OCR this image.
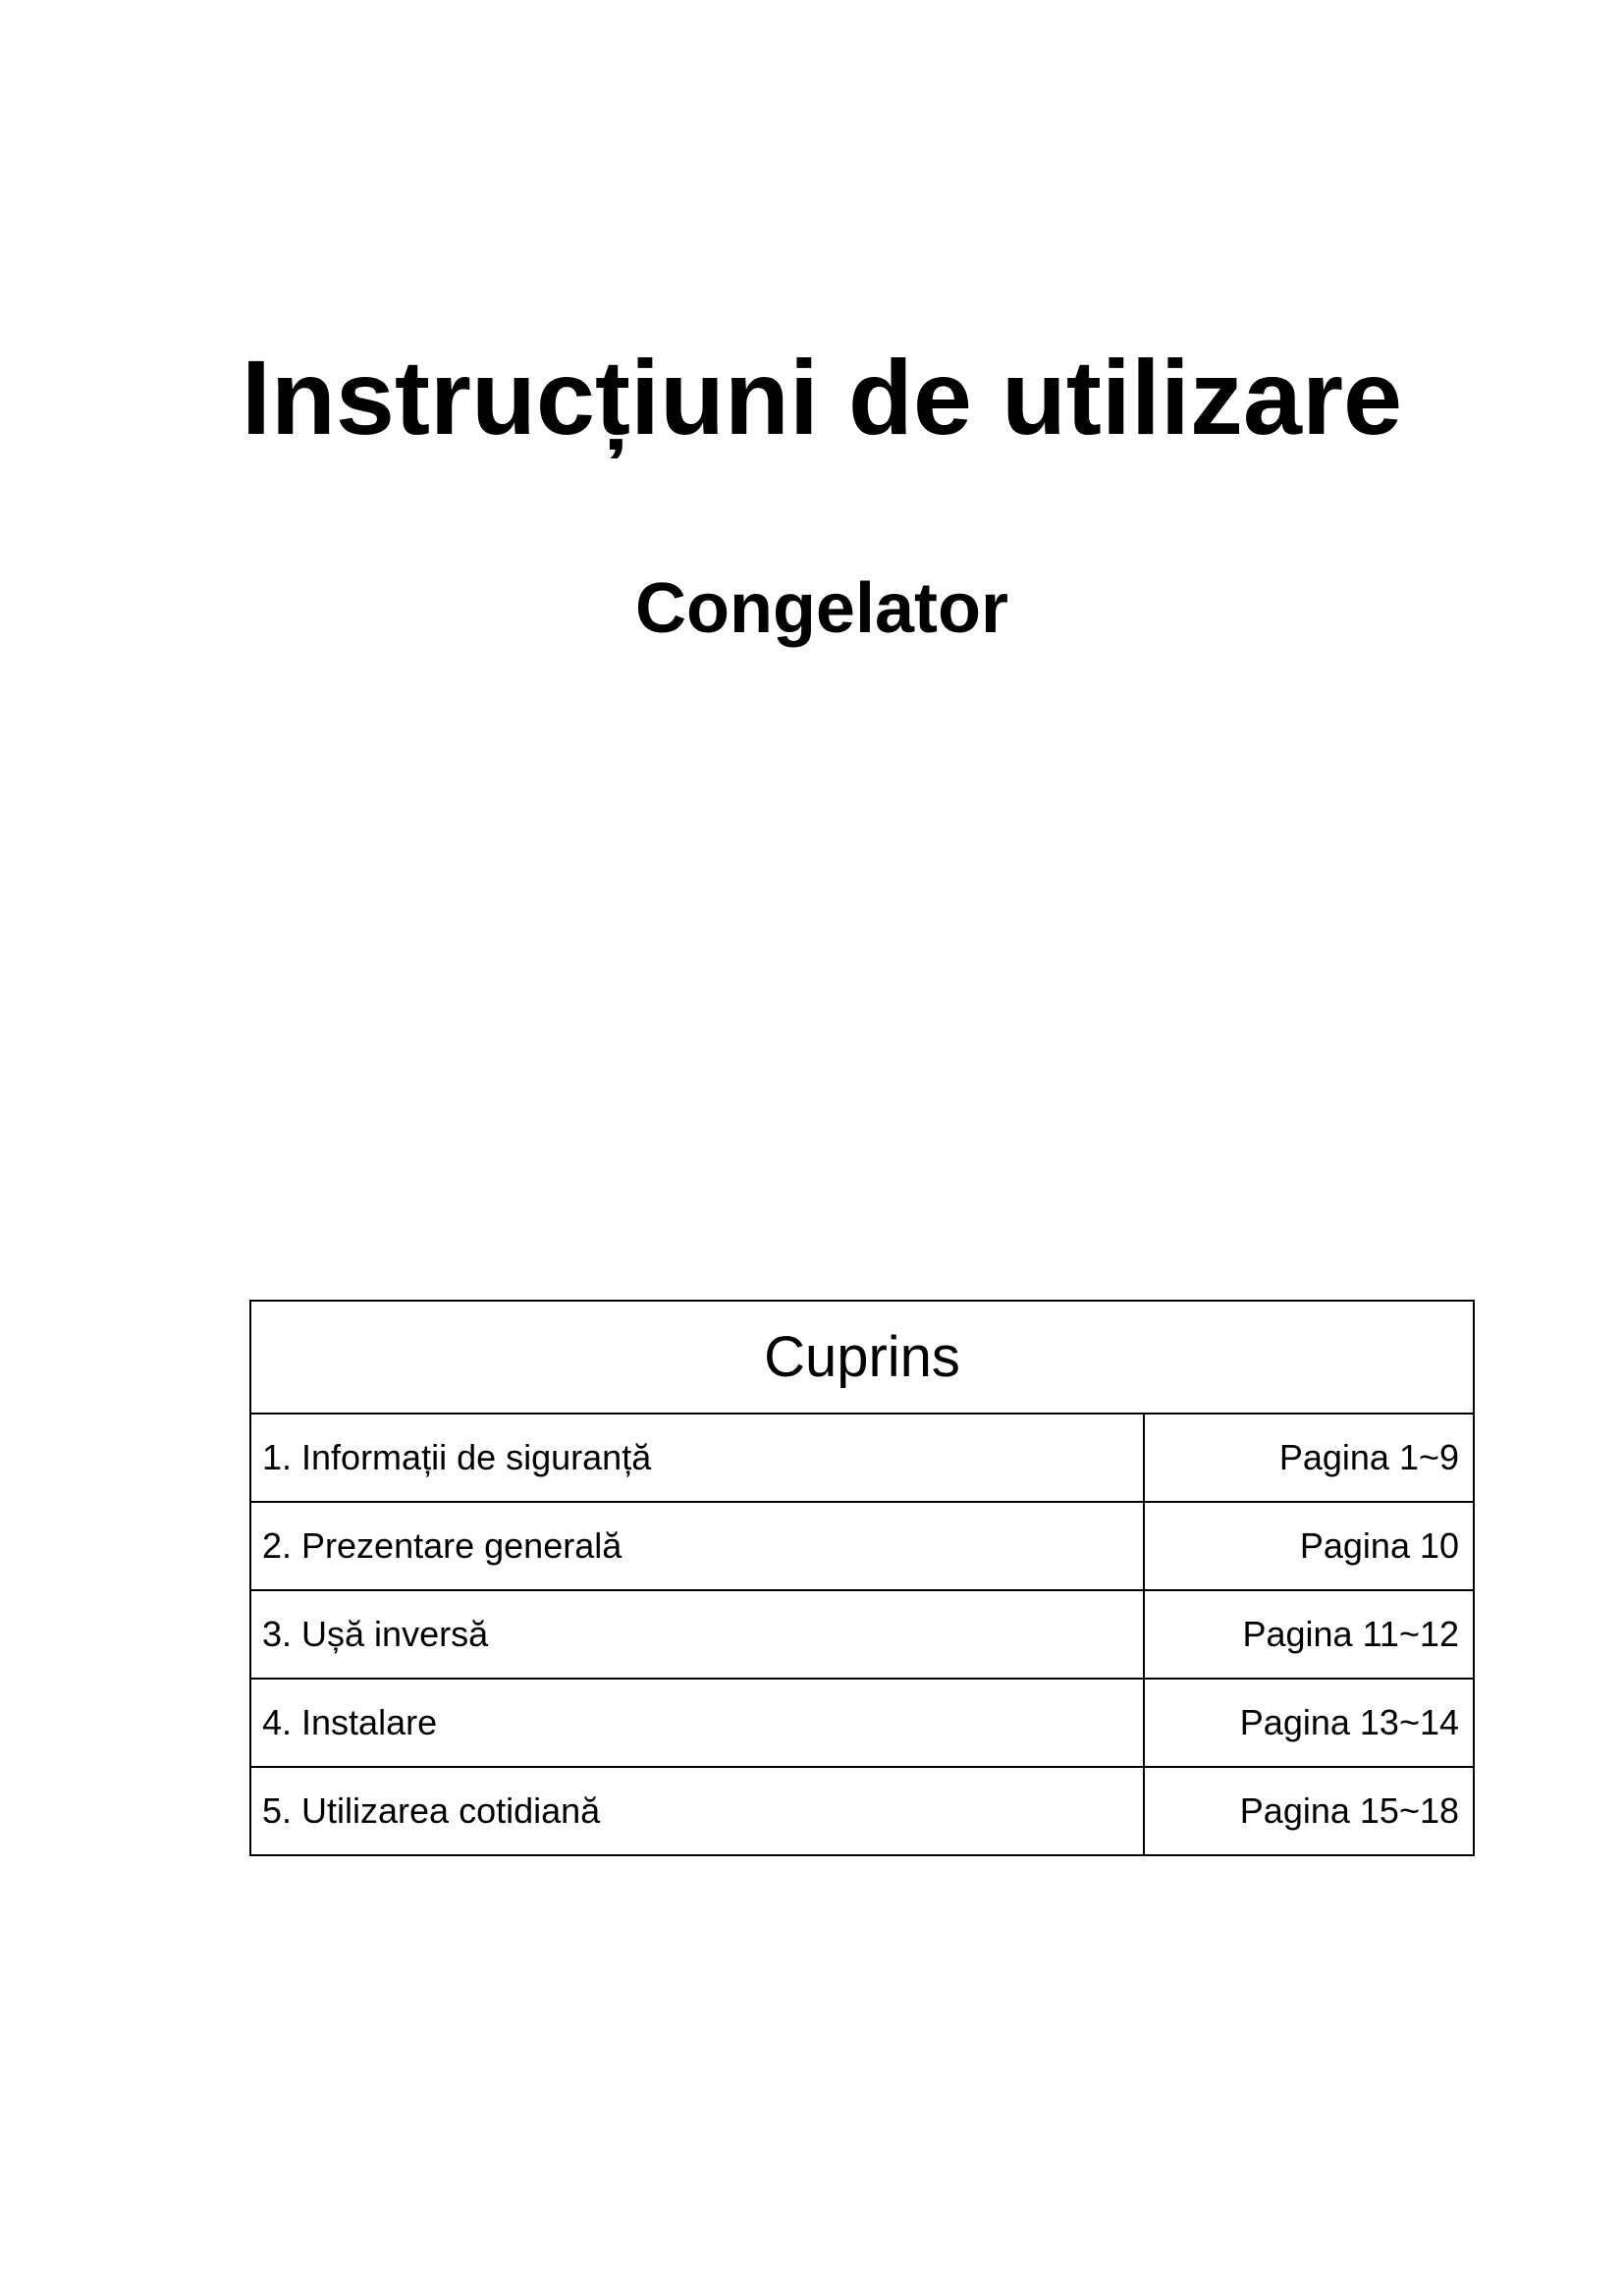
Instrucțiuni de utilizare
Congelator
Cuprins	
1. Informații de siguranță	Pagina 1~9
2. Prezentare generală	Pagina 10
3. Ușă inversă	Pagina 11~12
4. Instalare	Pagina 13~14
5. Utilizarea cotidiană	Pagina 15~18
